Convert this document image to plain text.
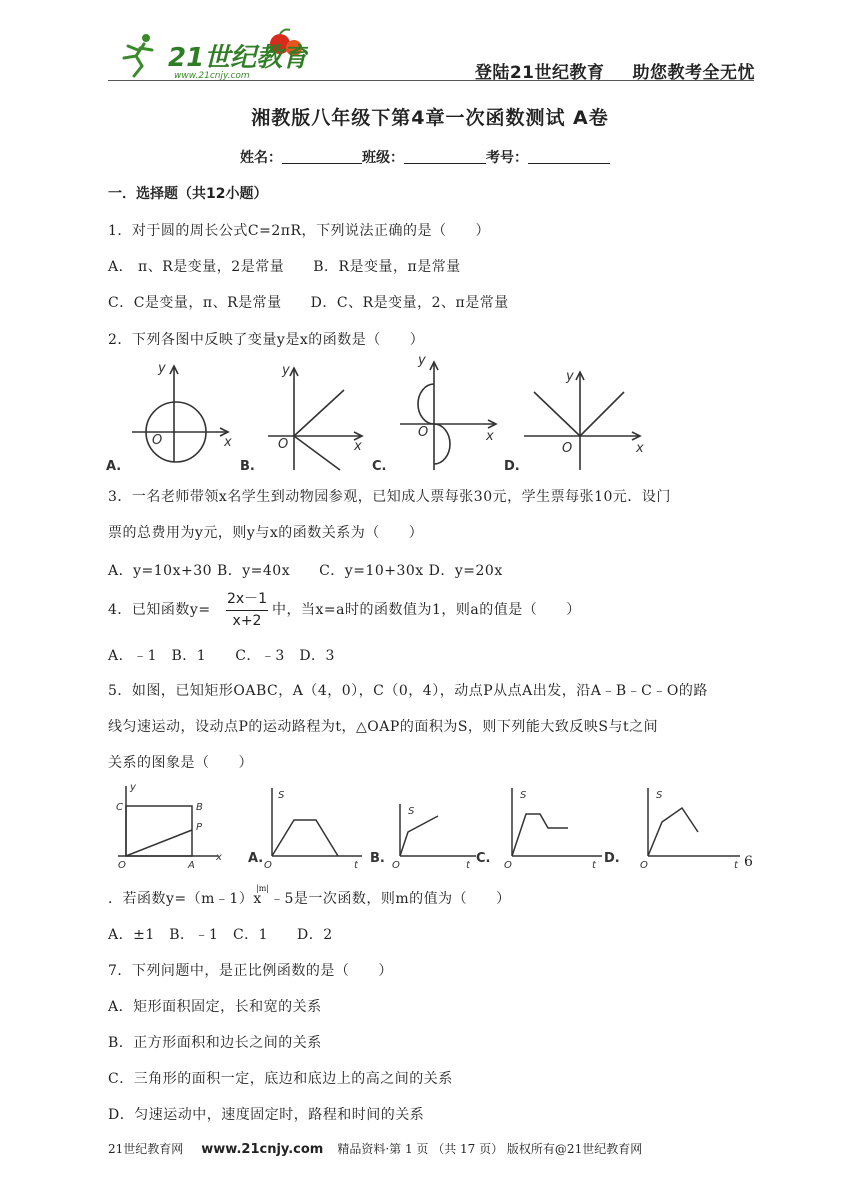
21世纪教育
www.21cnjy.com	登陆21世纪教育 助您教考全无忧
湘教版八年级下第4章一次函数测试 A卷
姓名：	班级：	考号：
一．选择题（共12小题）
1．对于圆的周长公式C=2πR，下列说法正确的是（　　）
A． π、R是变量，2是常量　　B．R是变量，π是常量
C．C是变量，π、R是常量　　D．C、R是变量，2、π是常量
2．下列各图中反映了变量y是x的函数是（　　）
y
O	x
A.
y
O	x
B.
y
O	x
C.
y
O	x
D.
3．一名老师带领x名学生到动物园参观，已知成人票每张30元，学生票每张10元．设门
票的总费用为y元，则y与x的函数关系为（　　）
A．y=10x+30 B．y=40x　　C．y=10+30x D．y=20x
4．已知函数$y= \frac{2x-1}{x+2}$ 中，当x=a时的函数值为1，则a的值是（　　）
A．﹣1　B．1　　C．﹣3　D．3
5．如图，已知矩形OABC，A（4，0），C（0，4），动点P从点A出发，沿A﹣B﹣C﹣O的路
线匀速运动，设动点P的运动路程为t，△OAP的面积为S，则下列能大致反映S与t之间
关系的图象是（　　）
y
C	B
P
O	A
x
S
A. O	t
S
B. O	t
S
C. O	t
S
D. O	t 6
．若函数y=（m﹣1）x
|m|
﹣5是一次函数，则m的值为（　　）
A．±1　B．﹣1　C．1　　D．2
7．下列问题中，是正比例函数的是（　　）
A．矩形面积固定，长和宽的关系
B．正方形面积和边长之间的关系
C．三角形的面积一定，底边和底边上的高之间的关系
D．匀速运动中，速度固定时，路程和时间的关系
21世纪教育网 www.21cnjy.com 精品资料·第 1 页 （共 17 页） 版权所有@21世纪教育网
